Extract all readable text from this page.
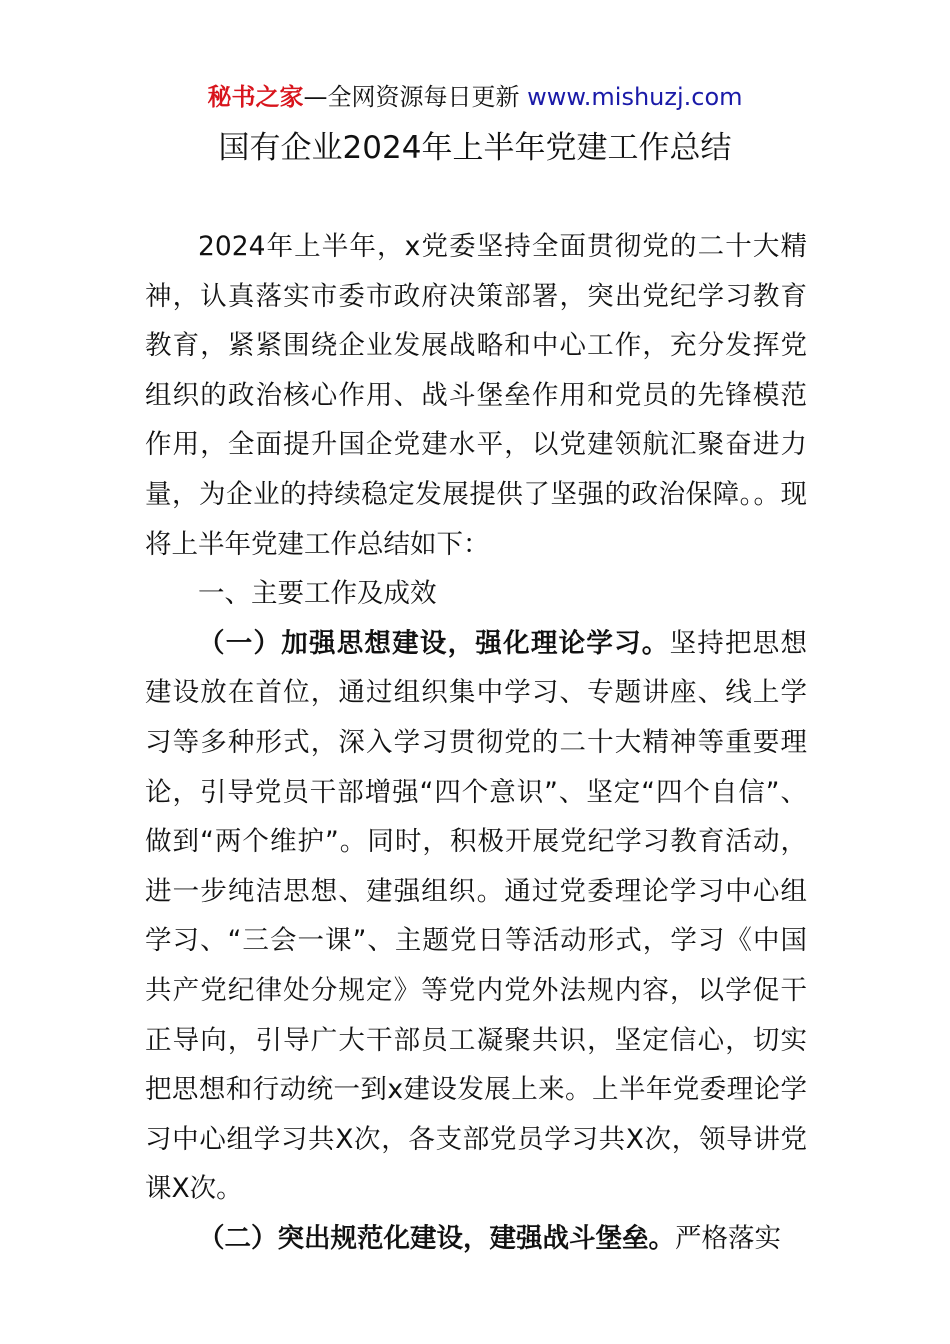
秘书之家—全网资源每日更新 www.mishuzj.com
国有企业2024年上半年党建工作总结

2024年上半年，x党委坚持全面贯彻党的二十大精神，认真落实市委市政府决策部署，突出党纪学习教育教育，紧紧围绕企业发展战略和中心工作，充分发挥党组织的政治核心作用、战斗堡垒作用和党员的先锋模范作用，全面提升国企党建水平，以党建领航汇聚奋进力量，为企业的持续稳定发展提供了坚强的政治保障。。现将上半年党建工作总结如下：

一、主要工作及成效

（一）加强思想建设，强化理论学习。坚持把思想建设放在首位，通过组织集中学习、专题讲座、线上学习等多种形式，深入学习贯彻党的二十大精神等重要理论，引导党员干部增强“四个意识”、坚定“四个自信”、做到“两个维护”。同时，积极开展党纪学习教育活动，进一步纯洁思想、建强组织。通过党委理论学习中心组学习、“三会一课”、主题党日等活动形式，学习《中国共产党纪律处分规定》等党内党外法规内容，以学促干正导向，引导广大干部员工凝聚共识，坚定信心，切实把思想和行动统一到x建设发展上来。上半年党委理论学习中心组学习共X次，各支部党员学习共X次，领导讲党课X次。

（二）突出规范化建设，建强战斗堡垒。严格落实
